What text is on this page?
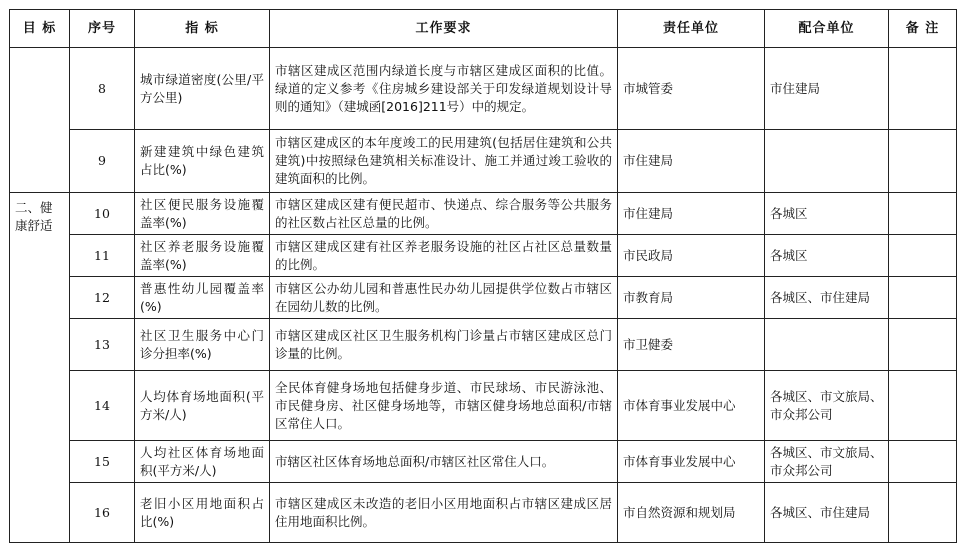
目 标	序号	指 标	工作要求	责任单位	配合单位	备 注
	8	城市绿道密度(公里/平方公里)	市辖区建成区范围内绿道长度与市辖区建成区面积的比值。绿道的定义参考《住房城乡建设部关于印发绿道规划设计导则的通知》（建城函[2016]211号）中的规定。	市城管委	市住建局	
	9	新建建筑中绿色建筑占比(%)	市辖区建成区的本年度竣工的民用建筑(包括居住建筑和公共建筑)中按照绿色建筑相关标准设计、施工并通过竣工验收的建筑面积的比例。	市住建局		
二、健康舒适	10	社区便民服务设施覆盖率(%)	市辖区建成区建有便民超市、快递点、综合服务等公共服务的社区数占社区总量的比例。	市住建局	各城区	
	11	社区养老服务设施覆盖率(%)	市辖区建成区建有社区养老服务设施的社区占社区总量数量的比例。	市民政局	各城区	
	12	普惠性幼儿园覆盖率(%)	市辖区公办幼儿园和普惠性民办幼儿园提供学位数占市辖区在园幼儿数的比例。	市教育局	各城区、市住建局	
	13	社区卫生服务中心门诊分担率(%)	市辖区建成区社区卫生服务机构门诊量占市辖区建成区总门诊量的比例。	市卫健委		
	14	人均体育场地面积(平方米/人)	全民体育健身场地包括健身步道、市民球场、市民游泳池、市民健身房、社区健身场地等，市辖区健身场地总面积/市辖区常住人口。	市体育事业发展中心	各城区、市文旅局、市众邦公司	
	15	人均社区体育场地面积(平方米/人)	市辖区社区体育场地总面积/市辖区社区常住人口。	市体育事业发展中心	各城区、市文旅局、市众邦公司	
	16	老旧小区用地面积占比(%)	市辖区建成区未改造的老旧小区用地面积占市辖区建成区居住用地面积比例。	市自然资源和规划局	各城区、市住建局	
